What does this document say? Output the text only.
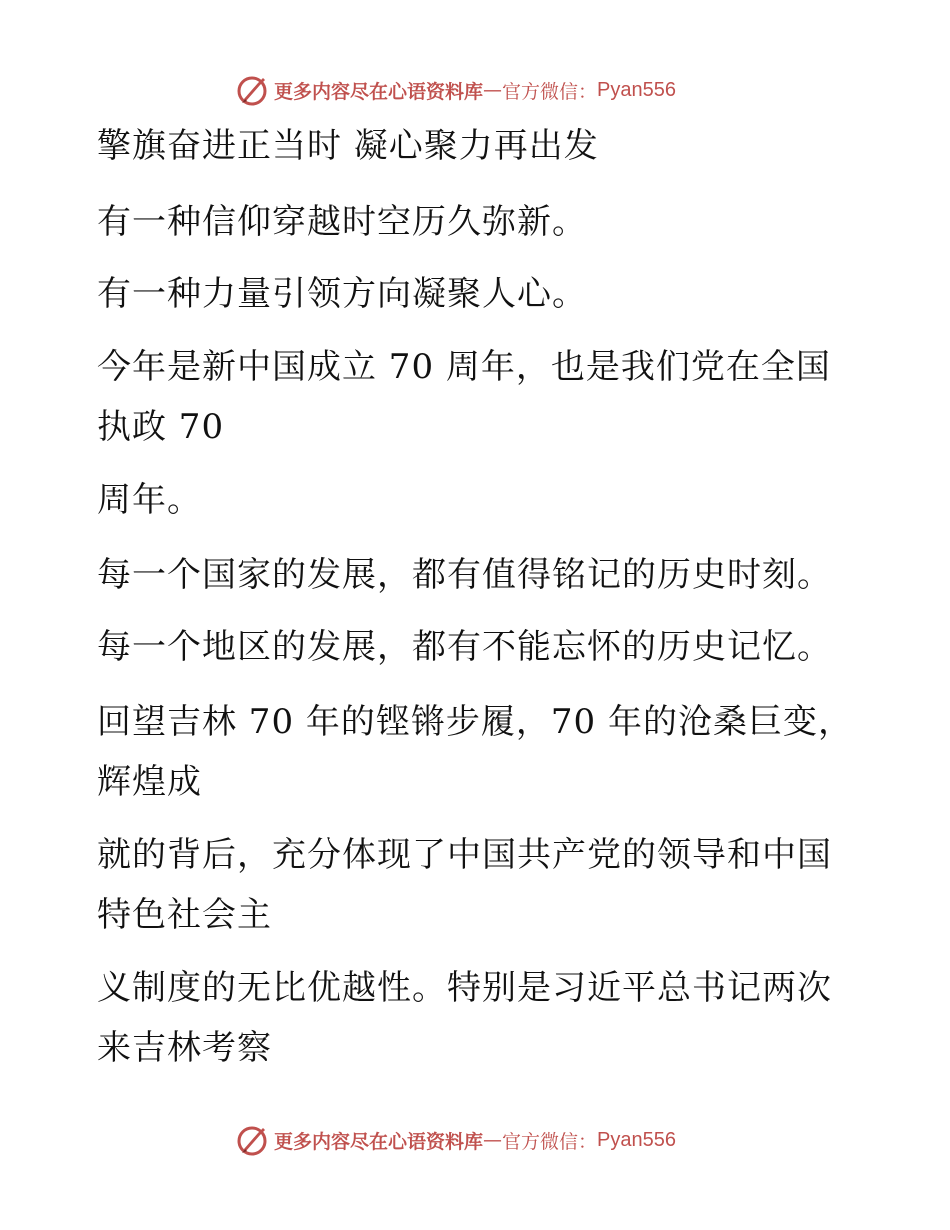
更多内容尽在心语资料库 — 官方微信： Pyan556
擎旗奋进正当时 凝心聚力再出发
有一种信仰穿越时空历久弥新。
有一种力量引领方向凝聚人心。
今年是新中国成立 70 周年，也是我们党在全国
执政 70
周年。
每一个国家的发展，都有值得铭记的历史时刻。
每一个地区的发展，都有不能忘怀的历史记忆。
回望吉林 70 年的铿锵步履，70 年的沧桑巨变，
辉煌成
就的背后，充分体现了中国共产党的领导和中国
特色社会主
义制度的无比优越性。特别是习近平总书记两次
来吉林考察
更多内容尽在心语资料库 — 官方微信： Pyan556
